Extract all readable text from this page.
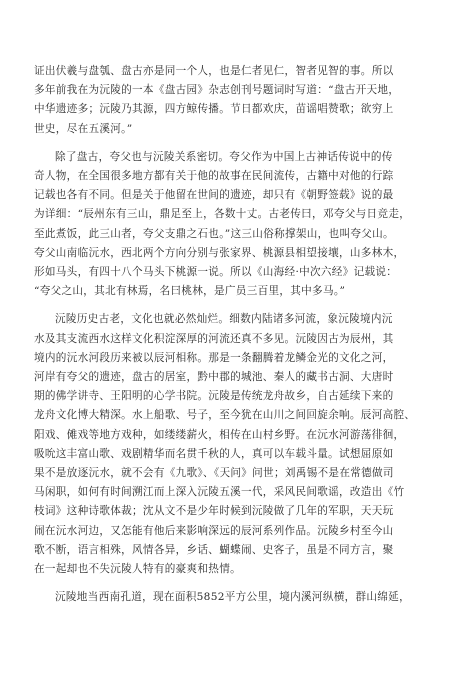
证出伏羲与盘瓠、盘古亦是同一个人，也是仁者见仁，智者见智的事。所以
多年前我在为沅陵的一本《盘古园》杂志创刊号题词时写道：“盘古开天地，
中华遗迹多；沅陵乃其源，四方鲸传播。节日都欢庆，苗谣唱赞歌；欲穷上
世史，尽在五溪河。”

除了盘古，夸父也与沅陵关系密切。夸父作为中国上古神话传说中的传
奇人物，在全国很多地方都有关于他的故事在民间流传，古籍中对他的行踪
记载也各有不同。但是关于他留在世间的遗迹，却只有《朝野签载》说的最
为详细：“辰州东有三山，鼎足至上，各数十丈。古老传曰，邓夸父与日竞走，
至此煮饭，此三山者，夸父支鼎之石也。”这三山俗称撑架山，也叫夸父山。
夸父山南临沅水，西北两个方向分别与张家界、桃源县相望接壤，山多林木，
形如马头，有四十八个马头下桃源一说。所以《山海经·中次六经》记载说：
“夸父之山，其北有林焉，名曰桃林，是广员三百里，其中多马。”

沅陵历史古老，文化也就必然灿烂。细数内陆诸多河流，象沅陵境内沅
水及其支流西水这样文化积淀深厚的河流还真不多见。沅陵因古为辰州，其
境内的沅水河段历来被以辰河相称。那是一条翻腾着龙鳞金光的文化之河，
河岸有夸父的遗迹，盘古的居室，黔中郡的城池、秦人的藏书古洞、大唐时
期的佛学讲寺、王阳明的心学书院。沅陵是传统龙舟故乡，自古延续下来的
龙舟文化博大精深。水上船歌、号子，至今犹在山川之间回旋余响。辰河高腔、
阳戏、傩戏等地方戏种，如缕缕薪火，相传在山村乡野。在沅水河游荡徘徊，
吸吮这丰富山歌、戏剧精华而名贯千秋的人，真可以车载斗量。试想屈原如
果不是放逐沅水，就不会有《九歌》、《天问》问世；刘禹锡不是在常德做司
马闲职，如何有时间溯江而上深入沅陵五溪一代，采风民间歌谣，改造出《竹
枝词》这种诗歌体裁；沈从文不是少年时候到沅陵做了几年的军职，天天玩
闹在沅水河边，又怎能有他后来影响深远的辰河系列作品。沅陵乡村至今山
歌不断，语言相殊，风情各异，乡话、蝴蝶闹、史客子，虽是不同方言，聚
在一起却也不失沅陵人特有的豪爽和热情。

沅陵地当西南孔道，现在面积5852平方公里，境内溪河纵横，群山绵延，
